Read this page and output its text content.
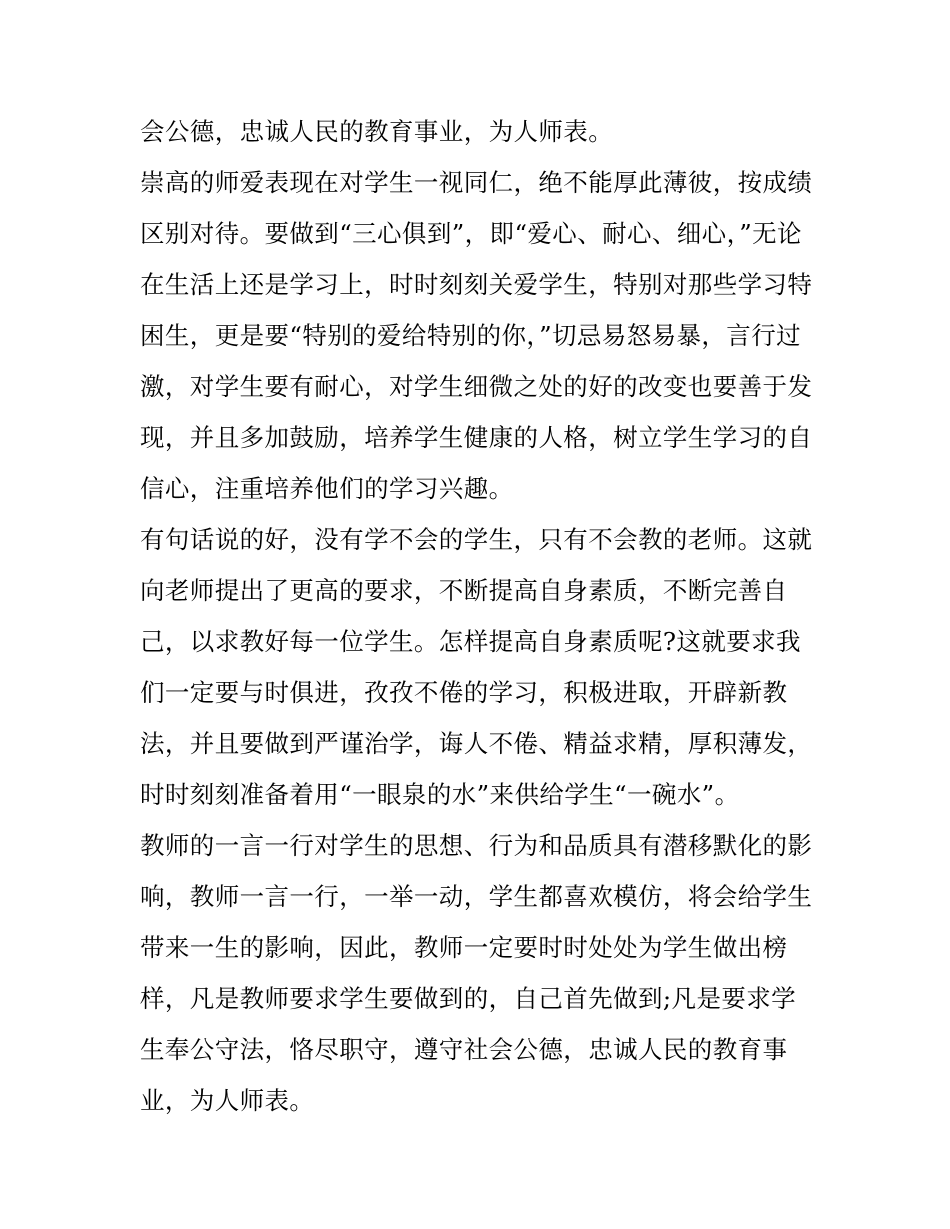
会公德，忠诚人民的教育事业，为人师表。
崇高的师爱表现在对学生一视同仁，绝不能厚此薄彼，按成绩
区别对待。要做到“三心俱到”，即“爱心、耐心、细心，”无论
在生活上还是学习上，时时刻刻关爱学生，特别对那些学习特
困生，更是要“特别的爱给特别的你，”切忌易怒易暴，言行过
激，对学生要有耐心，对学生细微之处的好的改变也要善于发
现，并且多加鼓励，培养学生健康的人格，树立学生学习的自
信心，注重培养他们的学习兴趣。
有句话说的好，没有学不会的学生，只有不会教的老师。这就
向老师提出了更高的要求，不断提高自身素质，不断完善自
己，以求教好每一位学生。怎样提高自身素质呢?这就要求我
们一定要与时俱进，孜孜不倦的学习，积极进取，开辟新教
法，并且要做到严谨治学，诲人不倦、精益求精，厚积薄发，
时时刻刻准备着用“一眼泉的水”来供给学生“一碗水”。
教师的一言一行对学生的思想、行为和品质具有潜移默化的影
响，教师一言一行，一举一动，学生都喜欢模仿，将会给学生
带来一生的影响，因此，教师一定要时时处处为学生做出榜
样，凡是教师要求学生要做到的，自己首先做到;凡是要求学
生奉公守法，恪尽职守，遵守社会公德，忠诚人民的教育事
业，为人师表。
